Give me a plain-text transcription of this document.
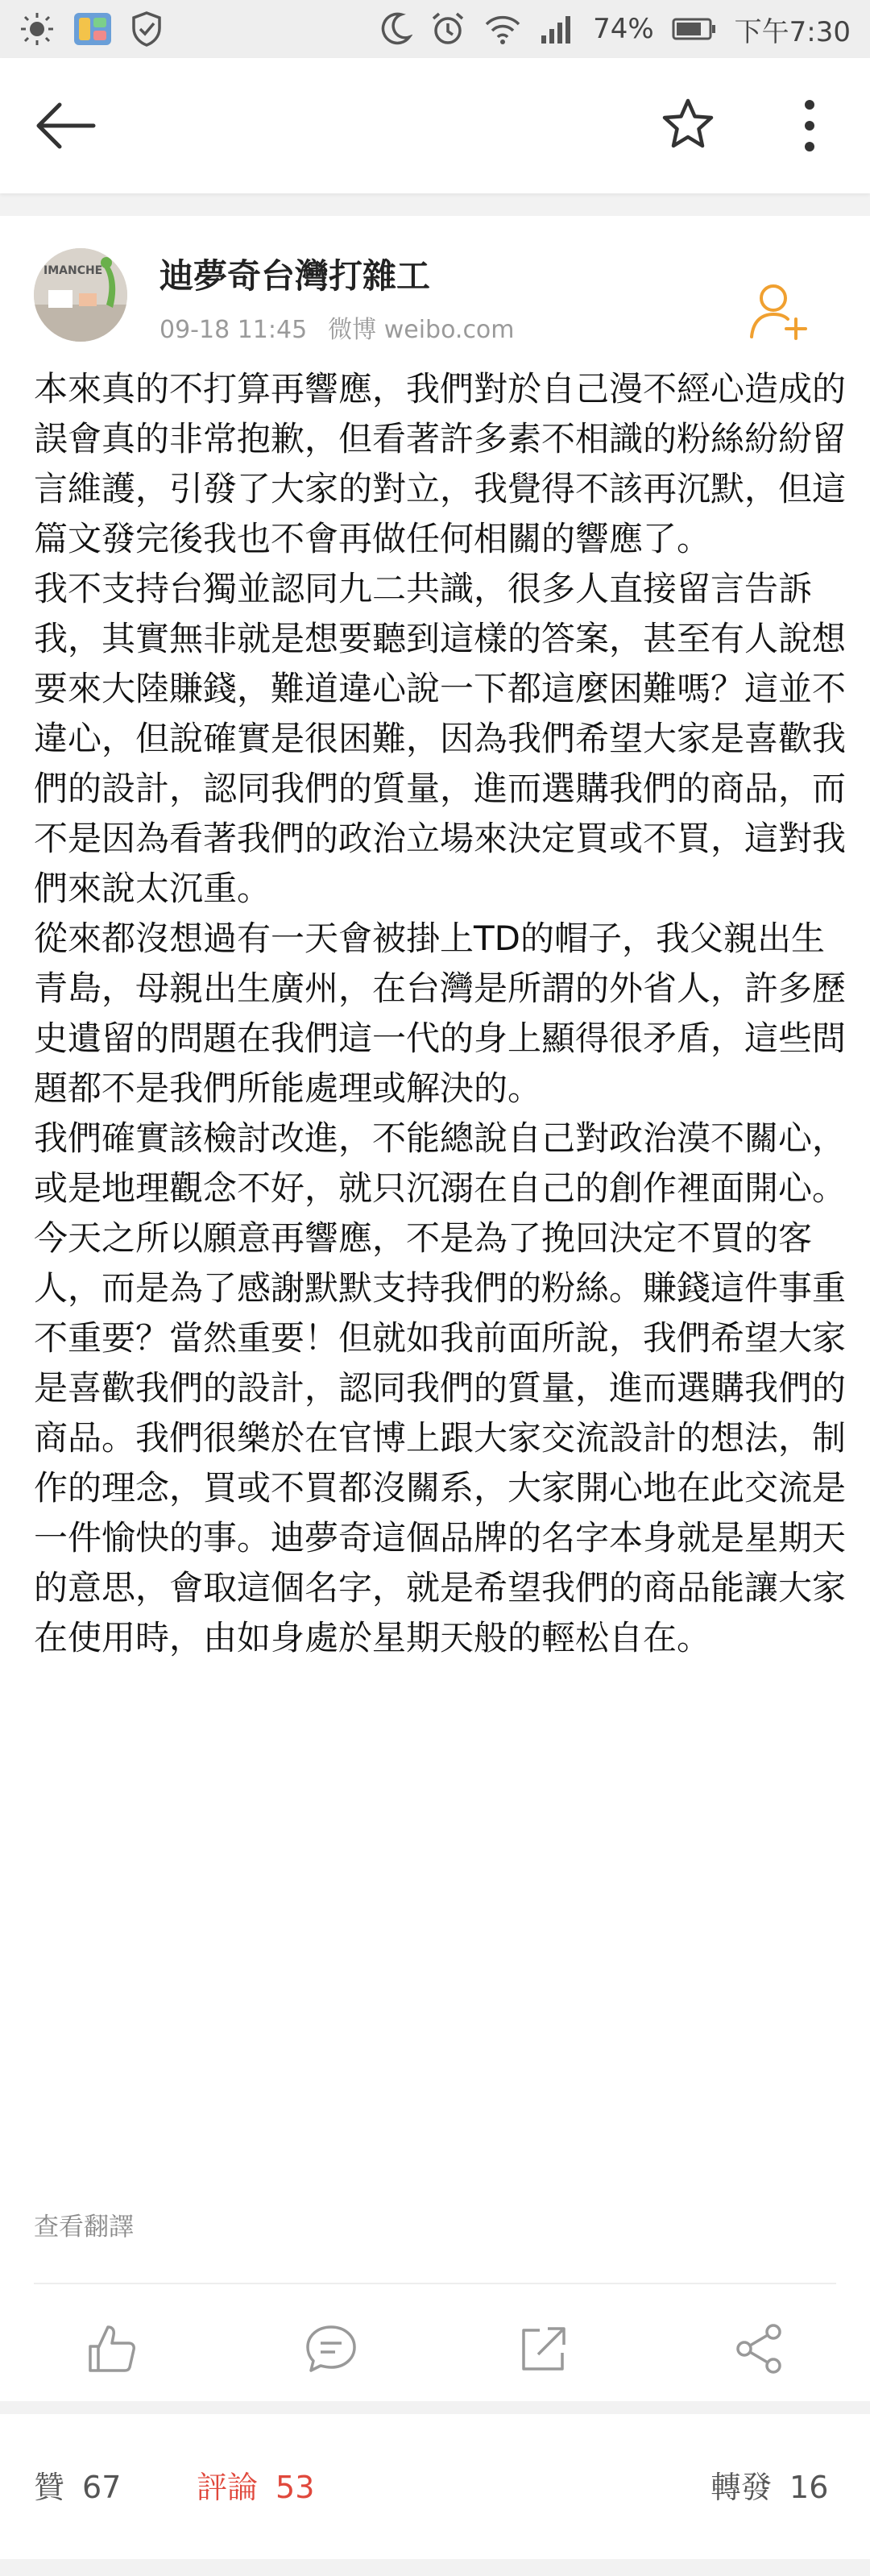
74%	下午7:30
IMANCHE 迪夢奇台灣打雜工
09-18 11:45 微博 weibo.com

本來真的不打算再響應，我們對於自己漫不經心造成的誤會真的非常抱歉，但看著許多素不相識的粉絲紛紛留言維護，引發了大家的對立，我覺得不該再沉默，但這篇文發完後我也不會再做任何相關的響應了。

我不支持台獨並認同九二共識，很多人直接留言告訴我，其實無非就是想要聽到這樣的答案，甚至有人說想要來大陸賺錢，難道違心說一下都這麼困難嗎？這並不違心，但說確實是很困難，因為我們希望大家是喜歡我們的設計，認同我們的質量，進而選購我們的商品，而不是因為看著我們的政治立場來決定買或不買，這對我們來說太沉重。

從來都沒想過有一天會被掛上TD的帽子，我父親出生青島，母親出生廣州，在台灣是所謂的外省人，許多歷史遺留的問題在我們這一代的身上顯得很矛盾，這些問題都不是我們所能處理或解決的。

我們確實該檢討改進，不能總說自己對政治漠不關心，或是地理觀念不好，就只沉溺在自己的創作裡面開心。今天之所以願意再響應，不是為了挽回決定不買的客人，而是為了感謝默默支持我們的粉絲。賺錢這件事重不重要？當然重要！但就如我前面所說，我們希望大家是喜歡我們的設計，認同我們的質量，進而選購我們的商品。我們很樂於在官博上跟大家交流設計的想法，制作的理念，買或不買都沒關系，大家開心地在此交流是一件愉快的事。迪夢奇這個品牌的名字本身就是星期天的意思，會取這個名字，就是希望我們的商品能讓大家在使用時，由如身處於星期天般的輕松自在。

查看翻譯
贊 67 評論 53	轉發 16
